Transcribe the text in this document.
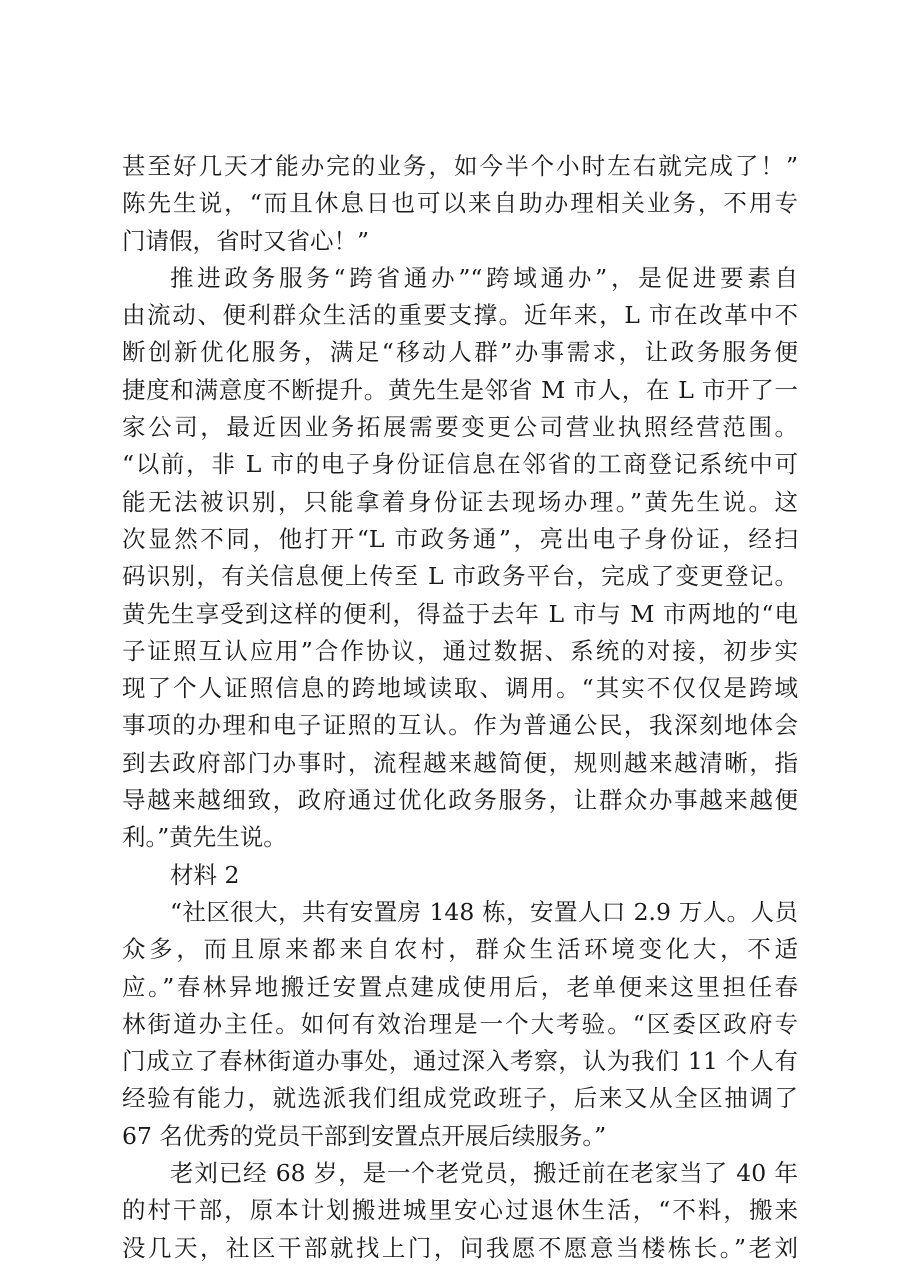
甚至好几天才能办完的业务，如今半个小时左右就完成了！”
陈先生说，“而且休息日也可以来自助办理相关业务，不用专
门请假，省时又省心！”
推进政务服务“跨省通办”“跨域通办”，是促进要素自
由流动、便利群众生活的重要支撑。近年来，L 市在改革中不
断创新优化服务，满足“移动人群”办事需求，让政务服务便
捷度和满意度不断提升。黄先生是邻省 M 市人，在 L 市开了一
家公司，最近因业务拓展需要变更公司营业执照经营范围。
“以前，非 L 市的电子身份证信息在邻省的工商登记系统中可
能无法被识别，只能拿着身份证去现场办理。”黄先生说。这
次显然不同，他打开“L 市政务通”，亮出电子身份证，经扫
码识别，有关信息便上传至 L 市政务平台，完成了变更登记。
黄先生享受到这样的便利，得益于去年 L 市与 M 市两地的“电
子证照互认应用”合作协议，通过数据、系统的对接，初步实
现了个人证照信息的跨地域读取、调用。“其实不仅仅是跨域
事项的办理和电子证照的互认。作为普通公民，我深刻地体会
到去政府部门办事时，流程越来越简便，规则越来越清晰，指
导越来越细致，政府通过优化政务服务，让群众办事越来越便
利。”黄先生说。
材料 2
“社区很大，共有安置房 148 栋，安置人口 2.9 万人。人员
众多，而且原来都来自农村，群众生活环境变化大，不适
应。”春林异地搬迁安置点建成使用后，老单便来这里担任春
林街道办主任。如何有效治理是一个大考验。“区委区政府专
门成立了春林街道办事处，通过深入考察，认为我们 11 个人有
经验有能力，就选派我们组成党政班子，后来又从全区抽调了
67 名优秀的党员干部到安置点开展后续服务。”
老刘已经 68 岁，是一个老党员，搬迁前在老家当了 40 年
的村干部，原本计划搬进城里安心过退休生活，“不料，搬来
没几天，社区干部就找上门，问我愿不愿意当楼栋长。”老刘
